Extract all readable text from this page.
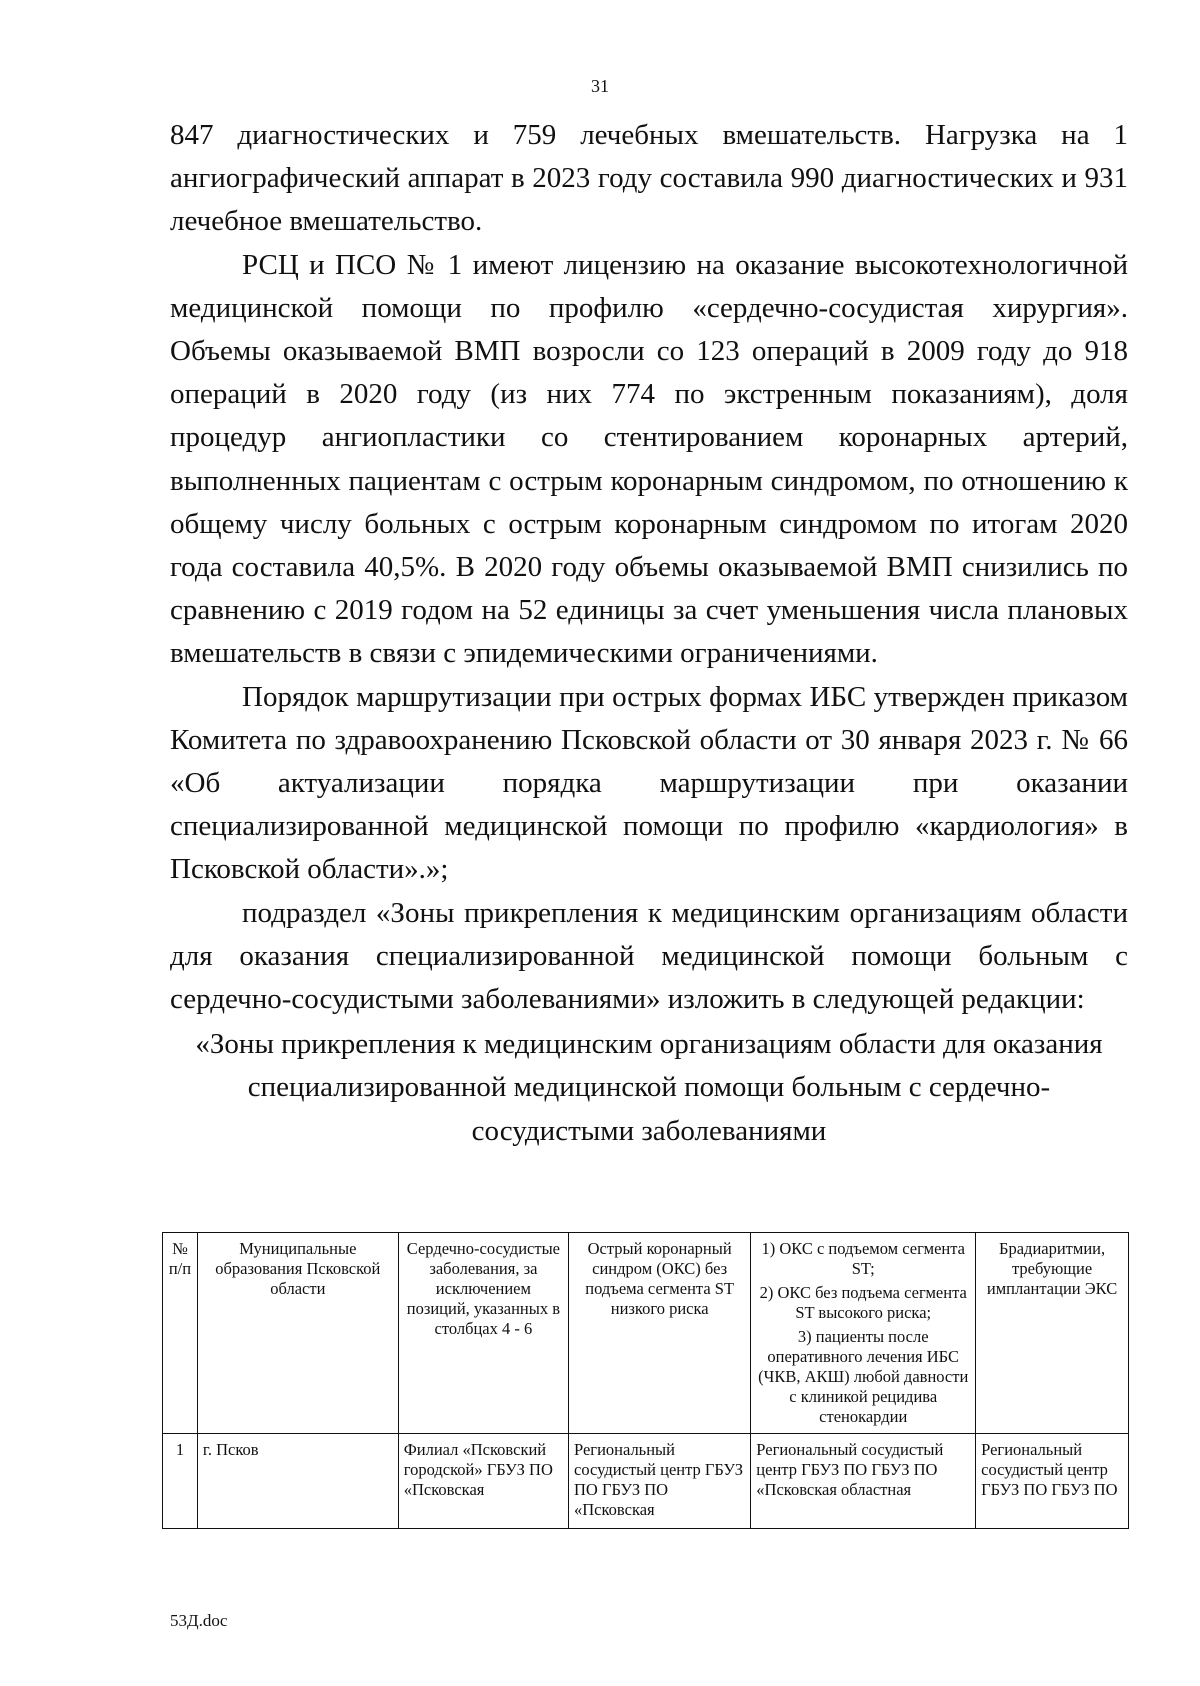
31

847 диагностических и 759 лечебных вмешательств. Нагрузка на 1 ангиографический аппарат в 2023 году составила 990 диагностических и 931 лечебное вмешательство.

РСЦ и ПСО № 1 имеют лицензию на оказание высокотехнологичной медицинской помощи по профилю «сердечно-сосудистая хирургия». Объемы оказываемой ВМП возросли со 123 операций в 2009 году до 918 операций в 2020 году (из них 774 по экстренным показаниям), доля процедур ангиопластики со стентированием коронарных артерий, выполненных пациентам с острым коронарным синдромом, по отношению к общему числу больных с острым коронарным синдромом по итогам 2020 года составила 40,5%. В 2020 году объемы оказываемой ВМП снизились по сравнению с 2019 годом на 52 единицы за счет уменьшения числа плановых вмешательств в связи с эпидемическими ограничениями.

Порядок маршрутизации при острых формах ИБС утвержден приказом Комитета по здравоохранению Псковской области от 30 января 2023 г. № 66 «Об актуализации порядка маршрутизации при оказании специализированной медицинской помощи по профилю «кардиология» в Псковской области».»;

подраздел «Зоны прикрепления к медицинским организациям области для оказания специализированной медицинской помощи больным с сердечно-сосудистыми заболеваниями» изложить в следующей редакции:

«Зоны прикрепления к медицинским организациям области для оказания
специализированной медицинской помощи больным с сердечно-
сосудистыми заболеваниями
№ п/п	Муниципальные образования Псковской области	Сердечно-сосудистые заболевания, за исключением позиций, указанных в столбцах 4 - 6	Острый коронарный синдром (ОКС) без подъема сегмента ST низкого риска	1) ОКС с подъемом сегмента ST;
2) ОКС без подъема сегмента ST высокого риска;
3) пациенты после оперативного лечения ИБС (ЧКВ, АКШ) любой давности с клиникой рецидива стенокардии	Брадиаритмии, требующие имплантации ЭКС

1	г. Псков	Филиал «Псковский городской» ГБУЗ ПО «Псковская	Региональный сосудистый центр ГБУЗ ПО ГБУЗ ПО «Псковская	Региональный сосудистый центр ГБУЗ ПО ГБУЗ ПО «Псковская областная	Региональный сосудистый центр ГБУЗ ПО ГБУЗ ПО
53Д.doc
